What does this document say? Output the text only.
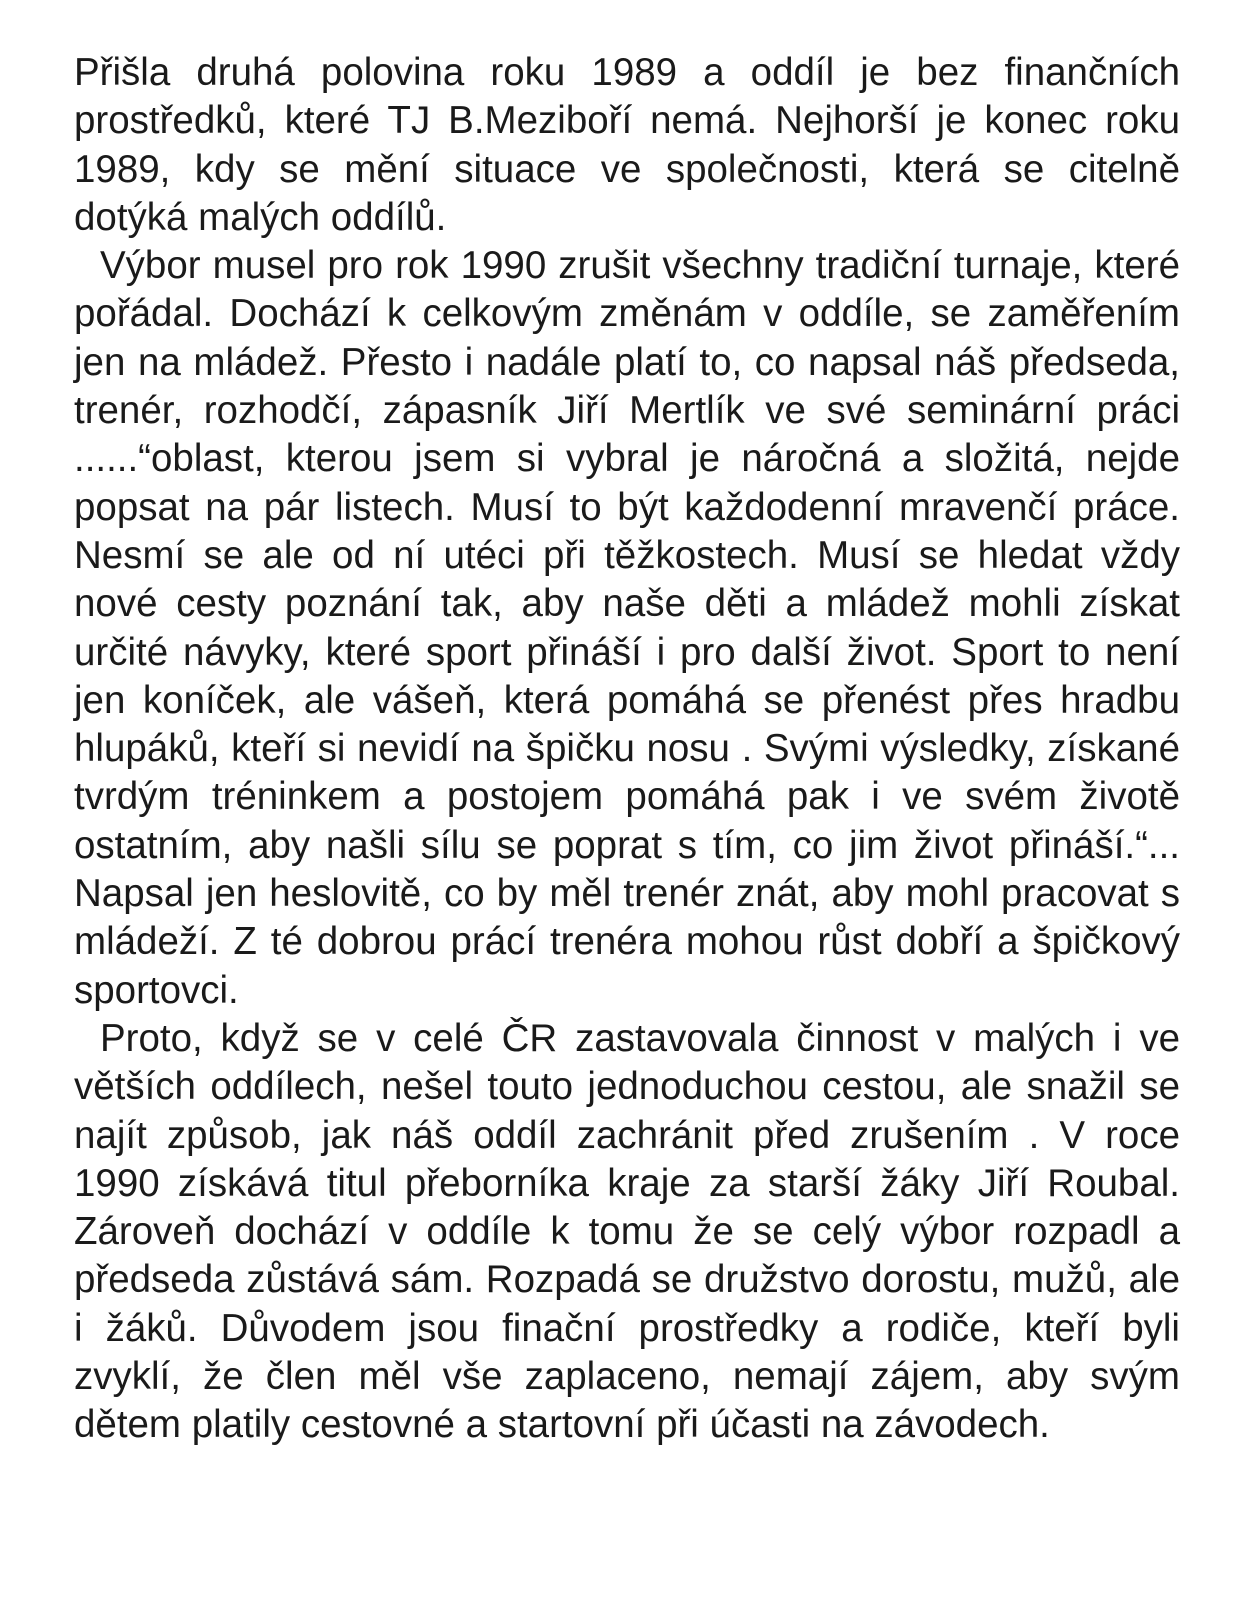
Přišla druhá polovina roku 1989 a oddíl je bez finančních prostředků, které TJ B.Meziboří nemá. Nejhorší je konec roku 1989, kdy se mění situace ve společnosti, která se citelně dotýká malých oddílů.

Výbor musel pro rok 1990 zrušit všechny tradiční turnaje, které pořádal. Dochází k celkovým změnám v oddíle, se zaměřením jen na mládež. Přesto i nadále platí to, co napsal náš předseda, trenér, rozhodčí, zápasník Jiří Mertlík ve své seminární práci ......“oblast, kterou jsem si vybral je náročná a složitá, nejde popsat na pár listech. Musí to být každodenní mravenčí práce. Nesmí se ale od ní utéci při těžkostech. Musí se hledat vždy nové cesty poznání tak, aby naše děti a mládež mohli získat určité návyky, které sport přináší i pro další život. Sport to není jen koníček, ale vášeň, která pomáhá se přenést přes hradbu hlupáků, kteří si nevidí na špičku nosu . Svými výsledky, získané tvrdým tréninkem a postojem pomáhá pak i ve svém životě ostatním, aby našli sílu se poprat s tím, co jim život přináší.“... Napsal jen heslovitě, co by měl trenér znát, aby mohl pracovat s mládeží. Z té dobrou prácí trenéra mohou růst dobří a špičkový sportovci.

Proto, když se v celé ČR zastavovala činnost v malých i ve větších oddílech, nešel touto jednoduchou cestou, ale snažil se najít způsob, jak náš oddíl zachránit před zrušením . V roce 1990 získává titul přeborníka kraje za starší žáky Jiří Roubal. Zároveň dochází v oddíle k tomu že se celý výbor rozpadl a předseda zůstává sám. Rozpadá se družstvo dorostu, mužů, ale i žáků. Důvodem jsou finační prostředky a rodiče, kteří byli zvyklí, že člen měl vše zaplaceno, nemají zájem, aby svým dětem platily cestovné a startovní při účasti na závodech.
